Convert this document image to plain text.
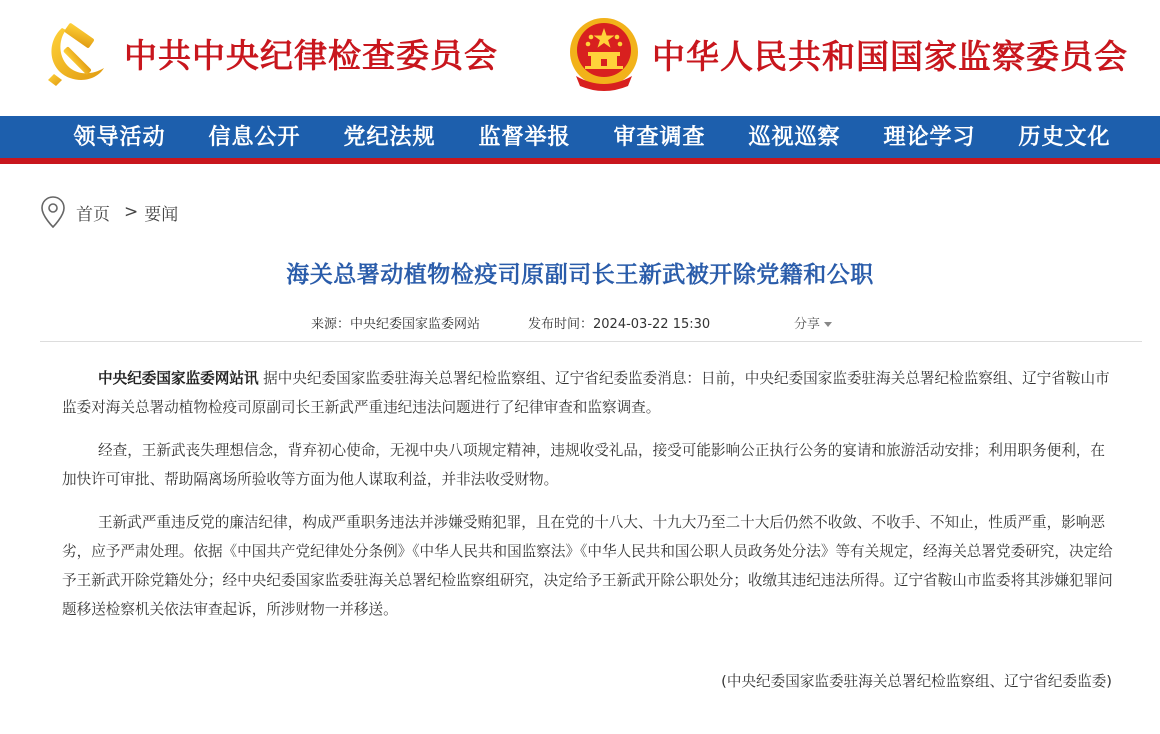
中共中央纪律检查委员会	中华人民共和国国家监察委员会
领导活动	信息公开	党纪法规	监督举报	审查调查	巡视巡察	理论学习	历史文化
首页 > 要闻
海关总署动植物检疫司原副司长王新武被开除党籍和公职
来源：中央纪委国家监委网站	发布时间：2024-03-22 15:30	分享

中央纪委国家监委网站讯 据中央纪委国家监委驻海关总署纪检监察组、辽宁省纪委监委消息：日前，中央纪委国家监委驻海关总署纪检监察组、辽宁省鞍山市监委对海关总署动植物检疫司原副司长王新武严重违纪违法问题进行了纪律审查和监察调查。

经查，王新武丧失理想信念，背弃初心使命，无视中央八项规定精神，违规收受礼品，接受可能影响公正执行公务的宴请和旅游活动安排；利用职务便利，在加快许可审批、帮助隔离场所验收等方面为他人谋取利益，并非法收受财物。

王新武严重违反党的廉洁纪律，构成严重职务违法并涉嫌受贿犯罪，且在党的十八大、十九大乃至二十大后仍然不收敛、不收手、不知止，性质严重，影响恶劣，应予严肃处理。依据《中国共产党纪律处分条例》《中华人民共和国监察法》《中华人民共和国公职人员政务处分法》等有关规定，经海关总署党委研究，决定给予王新武开除党籍处分；经中央纪委国家监委驻海关总署纪检监察组研究，决定给予王新武开除公职处分；收缴其违纪违法所得。辽宁省鞍山市监委将其涉嫌犯罪问题移送检察机关依法审查起诉，所涉财物一并移送。

(中央纪委国家监委驻海关总署纪检监察组、辽宁省纪委监委)
